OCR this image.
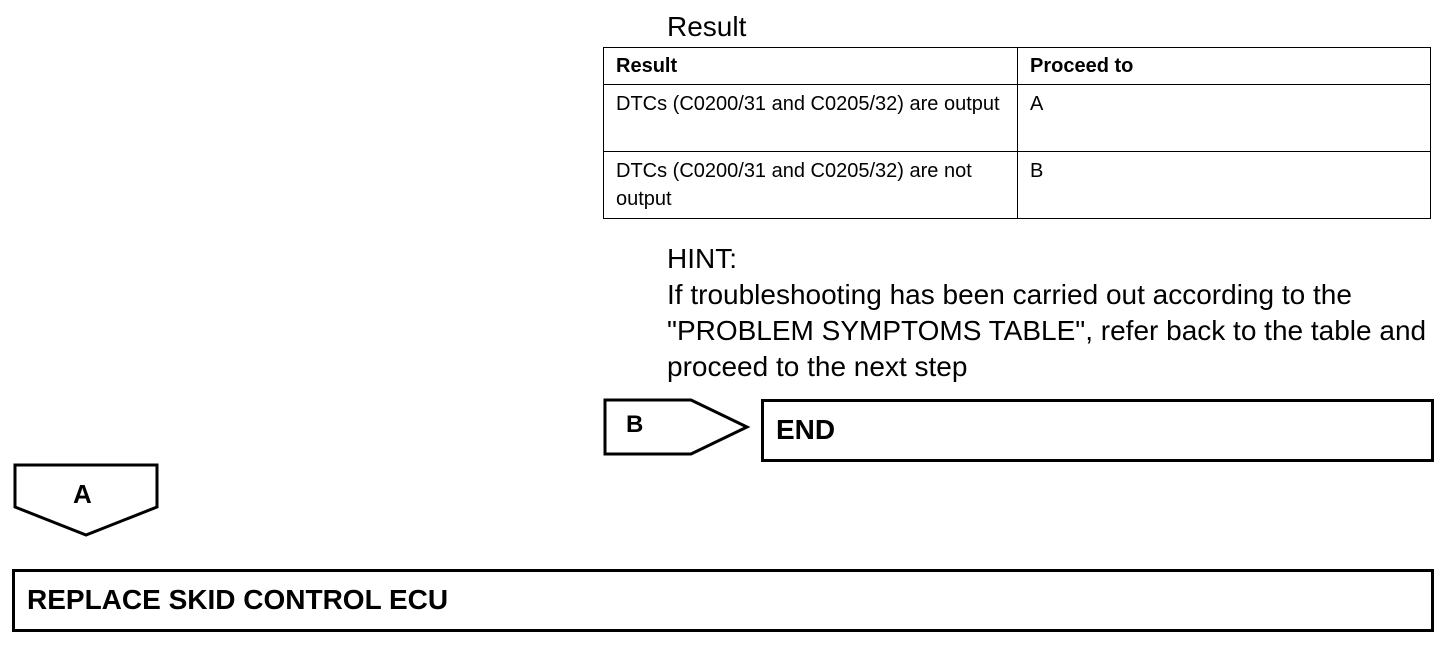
Result
Result	Proceed to
DTCs (C0200/31 and C0205/32) are output	A
DTCs (C0200/31 and C0205/32) are not output	B

HINT:

If troubleshooting has been carried out according to the "PROBLEM SYMPTOMS TABLE", refer back to the table and proceed to the next step

B	END
A
REPLACE SKID CONTROL ECU
